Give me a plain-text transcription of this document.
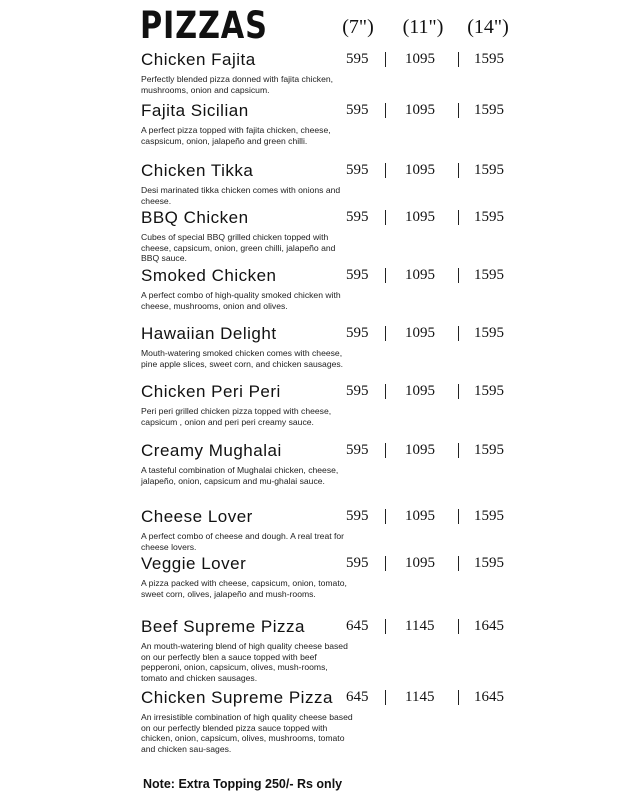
PIZZAS	(7")	(11")	(14")
Chicken Fajita
Perfectly blended pizza donned with fajita chicken, mushrooms, onion and capsicum.
595 1095	1595
Fajita Sicilian
A perfect pizza topped with fajita chicken, cheese, caspsicum, onion, jalapeño and green chilli.
595 1095	1595
Chicken Tikka
Desi marinated tikka chicken comes with onions and cheese.
595 1095	1595
BBQ Chicken
Cubes of special BBQ grilled chicken topped with cheese, capsicum, onion, green chilli, jalapeño and BBQ sauce.
595 1095	1595
Smoked Chicken
A perfect combo of high-quality smoked chicken with cheese, mushrooms, onion and olives.
595 1095	1595
Hawaiian Delight
Mouth-watering smoked chicken comes with cheese, pine apple slices, sweet corn, and chicken sausages.
595 1095	1595
Chicken Peri Peri
Peri peri grilled chicken pizza topped with cheese, capsicum , onion and peri peri creamy sauce.
595 1095	1595
Creamy Mughalai
A tasteful combination of Mughalai chicken, cheese, jalapeño, onion, capsicum and mu-ghalai sauce.
595 1095	1595
Cheese Lover
A perfect combo of cheese and dough. A real treat for cheese lovers.
595 1095	1595
Veggie Lover
A pizza packed with cheese, capsicum, onion, tomato, sweet corn, olives, jalapeño and mush-rooms.
595 1095	1595
Beef Supreme Pizza
An mouth-watering blend of high quality cheese based on our perfectly blen a sauce topped with beef pepperoni, onion, capsicum, olives, mush-rooms, tomato and chicken sausages.
645 1145	1645
Chicken Supreme Pizza
An irresistible combination of high quality cheese based on our perfectly blended pizza sauce topped with chicken, onion, capsicum, olives, mushrooms, tomato and chicken sau-sages.
645 1145	1645
Note: Extra Topping 250/- Rs only
